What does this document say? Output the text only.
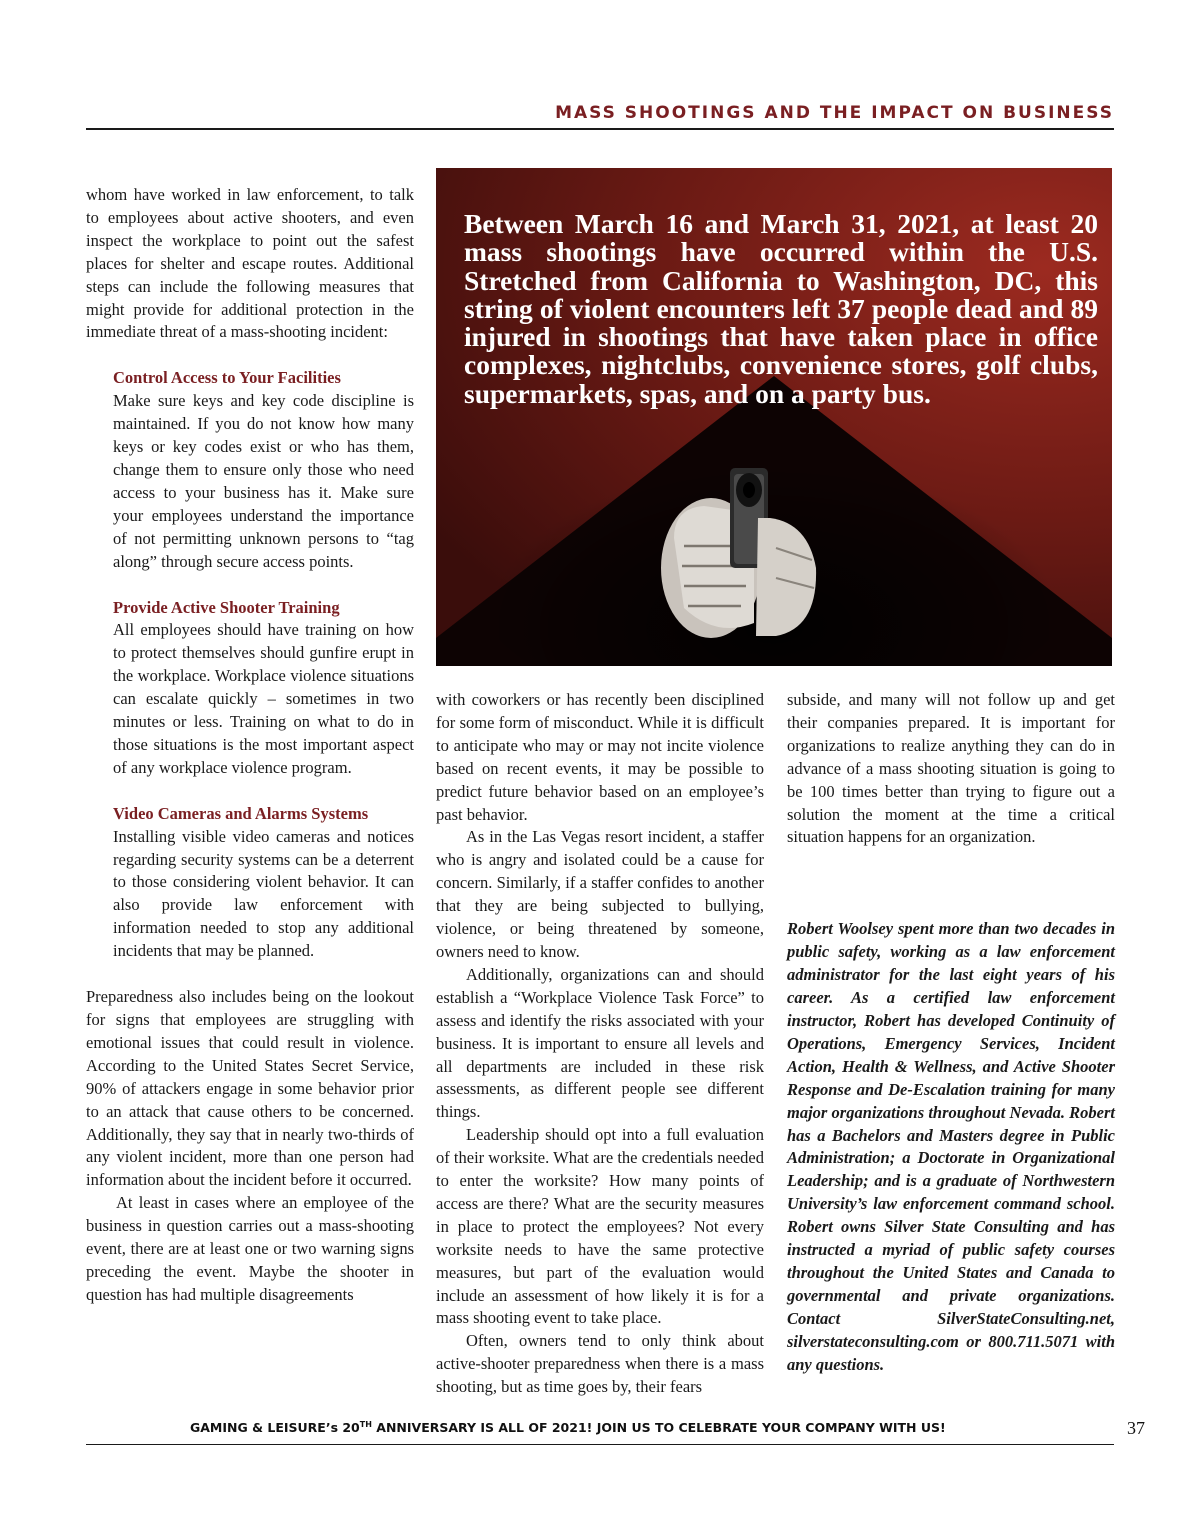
MASS SHOOTINGS AND THE IMPACT ON BUSINESS

whom have worked in law enforcement, to talk to employees about active shooters, and even inspect the workplace to point out the safest places for shelter and escape routes. Additional steps can include the following measures that might provide for additional protection in the immediate threat of a mass-shooting incident:

Control Access to Your Facilities

Make sure keys and key code discipline is maintained. If you do not know how many keys or key codes exist or who has them, change them to ensure only those who need access to your business has it. Make sure your employees understand the importance of not permitting unknown persons to “tag along” through secure access points.

Provide Active Shooter Training

All employees should have training on how to protect themselves should gunfire erupt in the workplace. Workplace violence situations can escalate quickly – sometimes in two minutes or less. Training on what to do in those situations is the most important aspect of any workplace violence program.

Video Cameras and Alarms Systems

Installing visible video cameras and notices regarding security systems can be a deterrent to those considering violent behavior. It can also provide law enforcement with information needed to stop any additional incidents that may be planned.

Preparedness also includes being on the lookout for signs that employees are struggling with emotional issues that could result in violence. According to the United States Secret Service, 90% of attackers engage in some behavior prior to an attack that cause others to be concerned. Additionally, they say that in nearly two-thirds of any violent incident, more than one person had information about the incident before it occurred.

At least in cases where an employee of the business in question carries out a mass-shooting event, there are at least one or two warning signs preceding the event. Maybe the shooter in question has had multiple disagreements

Between March 16 and March 31, 2021, at least 20 mass shootings have occurred within the U.S. Stretched from California to Washington, DC, this string of violent encounters left 37 people dead and 89 injured in shootings that have taken place in office complexes, nightclubs, convenience stores, golf clubs, supermarkets, spas, and on a party bus.

with coworkers or has recently been disciplined for some form of misconduct. While it is difficult to anticipate who may or may not incite violence based on recent events, it may be possible to predict future behavior based on an employee’s past behavior.

As in the Las Vegas resort incident, a staffer who is angry and isolated could be a cause for concern. Similarly, if a staffer confides to another that they are being subjected to bullying, violence, or being threatened by someone, owners need to know.

Additionally, organizations can and should establish a “Workplace Violence Task Force” to assess and identify the risks associated with your business. It is important to ensure all levels and all departments are included in these risk assessments, as different people see different things.

Leadership should opt into a full evaluation of their worksite. What are the credentials needed to enter the worksite? How many points of access are there? What are the security measures in place to protect the employees? Not every worksite needs to have the same protective measures, but part of the evaluation would include an assessment of how likely it is for a mass shooting event to take place.

Often, owners tend to only think about active-shooter preparedness when there is a mass shooting, but as time goes by, their fears

subside, and many will not follow up and get their companies prepared. It is important for organizations to realize anything they can do in advance of a mass shooting situation is going to be 100 times better than trying to figure out a solution the moment at the time a critical situation happens for an organization.

Robert Woolsey spent more than two decades in public safety, working as a law enforcement administrator for the last eight years of his career. As a certified law enforcement instructor, Robert has developed Continuity of Operations, Emergency Services, Incident Action, Health & Wellness, and Active Shooter Response and De-Escalation training for many major organizations throughout Nevada. Robert has a Bachelors and Masters degree in Public Administration; a Doctorate in Organizational Leadership; and is a graduate of Northwestern University’s law enforcement command school. Robert owns Silver State Consulting and has instructed a myriad of public safety courses throughout the United States and Canada to governmental and private organizations. Contact SilverStateConsulting.net, silverstateconsulting.com or 800.711.5071 with any questions.

GAMING & LEISURE’s 20TH ANNIVERSARY IS ALL OF 2021! JOIN US TO CELEBRATE YOUR COMPANY WITH US!	37
